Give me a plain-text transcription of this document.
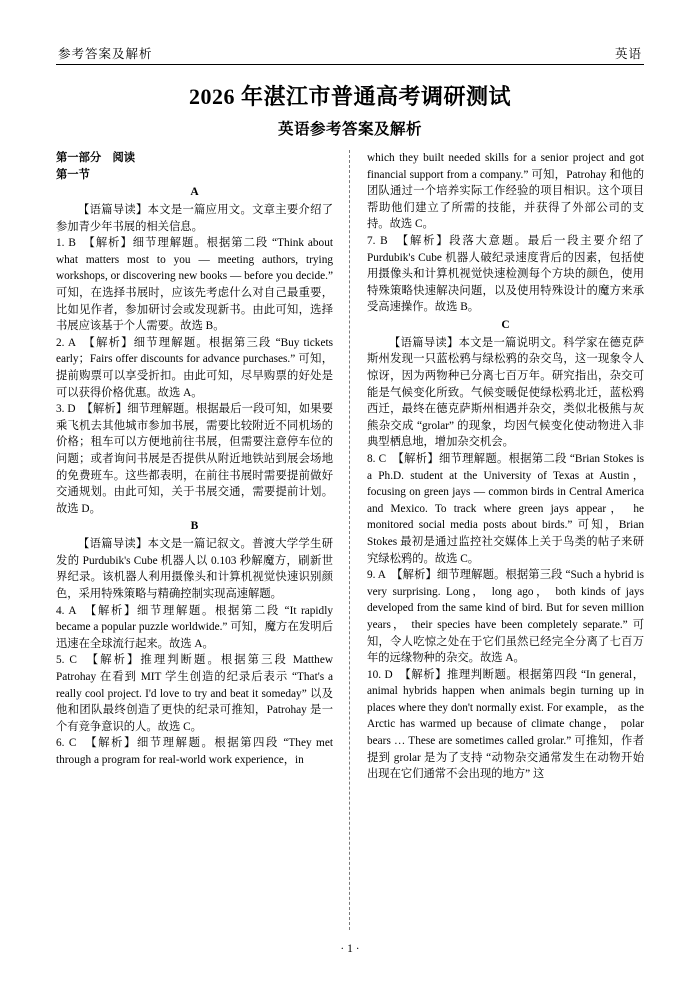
参考答案及解析	英语
2026 年湛江市普通高考调研测试
英语参考答案及解析

第一部分　阅读

第一节

A

【语篇导读】本文是一篇应用文。文章主要介绍了参加青少年书展的相关信息。

1. B　【解析】细节理解题。根据第二段 “Think about what matters most to you — meeting authors, trying workshops, or discovering new books — before you decide.” 可知，在选择书展时，应该先考虑什么对自己最重要，比如见作者，参加研讨会或发现新书。由此可知，选择书展应该基于个人需要。故选 B。

2. A　【解析】细节理解题。根据第三段 “Buy tickets early；Fairs offer discounts for advance purchases.” 可知，提前购票可以享受折扣。由此可知，尽早购票的好处是可以获得价格优惠。故选 A。

3. D　【解析】细节理解题。根据最后一段可知，如果要乘飞机去其他城市参加书展，需要比较附近不同机场的价格；租车可以方便地前往书展，但需要注意停车位的问题；或者询问书展是否提供从附近地铁站到展会场地的免费班车。这些都表明，在前往书展时需要提前做好交通规划。由此可知，关于书展交通，需要提前计划。故选 D。

B

【语篇导读】本文是一篇记叙文。普渡大学学生研发的 Purdubik's Cube 机器人以 0.103 秒解魔方，刷新世界纪录。该机器人利用摄像头和计算机视觉快速识别颜色，采用特殊策略与精确控制实现高速解题。

4. A　【解析】细节理解题。根据第二段 “It rapidly became a popular puzzle worldwide.” 可知，魔方在发明后迅速在全球流行起来。故选 A。

5. C　【解析】推理判断题。根据第三段 Matthew Patrohay 在看到 MIT 学生创造的纪录后表示 “That's a really cool project. I'd love to try and beat it someday” 以及他和团队最终创造了更快的纪录可推知，Patrohay 是一个有竞争意识的人。故选 C。

6. C　【解析】细节理解题。根据第四段 “They met through a program for real-world work experience，in

which they built needed skills for a senior project and got financial support from a company.” 可知，Patrohay 和他的团队通过一个培养实际工作经验的项目相识。这个项目帮助他们建立了所需的技能，并获得了外部公司的支持。故选 C。

7. B　【解析】段落大意题。最后一段主要介绍了 Purdubik's Cube 机器人破纪录速度背后的因素，包括使用摄像头和计算机视觉快速检测每个方块的颜色，使用特殊策略快速解决问题，以及使用特殊设计的魔方来承受高速操作。故选 B。

C

【语篇导读】本文是一篇说明文。科学家在德克萨斯州发现一只蓝松鸦与绿松鸦的杂交鸟，这一现象令人惊讶，因为两物种已分离七百万年。研究指出，杂交可能是气候变化所致。气候变暖促使绿松鸦北迁，蓝松鸦西迁，最终在德克萨斯州相遇并杂交，类似北极熊与灰熊杂交成 “grolar” 的现象，均因气候变化使动物进入非典型栖息地，增加杂交机会。

8. C　【解析】细节理解题。根据第二段 “Brian Stokes is a Ph.D. student at the University of Texas at Austin，focusing on green jays — common birds in Central America and Mexico. To track where green jays appear， he monitored social media posts about birds.” 可知，Brian Stokes 最初是通过监控社交媒体上关于鸟类的帖子来研究绿松鸦的。故选 C。

9. A　【解析】细节理解题。根据第三段 “Such a hybrid is very surprising. Long， long ago， both kinds of jays developed from the same kind of bird. But for seven million years， their species have been completely separate.” 可知，令人吃惊之处在于它们虽然已经完全分离了七百万年的远缘物种的杂交。故选 A。

10. D　【解析】推理判断题。根据第四段 “In general， animal hybrids happen when animals begin turning up in places where they don't normally exist. For example， as the Arctic has warmed up because of climate change， polar bears … These are sometimes called grolar.” 可推知，作者提到 grolar 是为了支持 “动物杂交通常发生在动物开始出现在它们通常不会出现的地方” 这

· 1 ·
